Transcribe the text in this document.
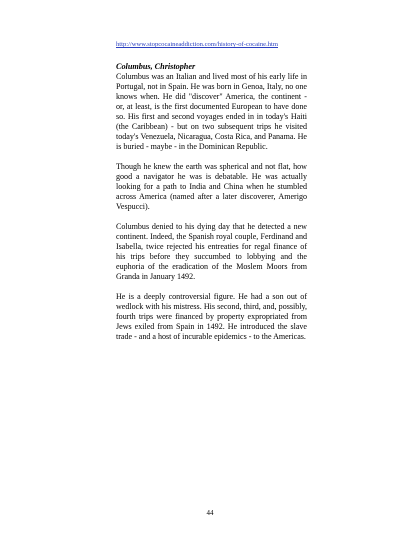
http://www.stopcocaineaddiction.com/history-of-cocaine.htm
Columbus, Christopher

Columbus was an Italian and lived most of his early life in Portugal, not in Spain. He was born in Genoa, Italy, no one knows when. He did "discover" America, the continent - or, at least, is the first documented European to have done so. His first and second voyages ended in in today's Haiti (the Caribbean) - but on two subsequent trips he visited today's Venezuela, Nicaragua, Costa Rica, and Panama. He is buried - maybe - in the Dominican Republic.

Though he knew the earth was spherical and not flat, how good a navigator he was is debatable. He was actually looking for a path to India and China when he stumbled across America (named after a later discoverer, Amerigo Vespucci).

Columbus denied to his dying day that he detected a new continent. Indeed, the Spanish royal couple, Ferdinand and Isabella, twice rejected his entreaties for regal finance of his trips before they succumbed to lobbying and the euphoria of the eradication of the Moslem Moors from Granda in January 1492.

He is a deeply controversial figure. He had a son out of wedlock with his mistress. His second, third, and, possibly, fourth trips were financed by property expropriated from Jews exiled from Spain in 1492. He introduced the slave trade - and a host of incurable epidemics - to the Americas.

44
